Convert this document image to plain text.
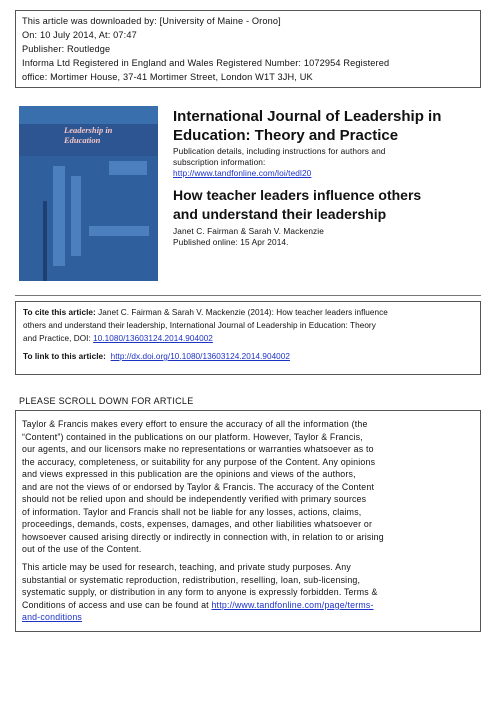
This article was downloaded by: [University of Maine - Orono]
On: 10 July 2014, At: 07:47
Publisher: Routledge
Informa Ltd Registered in England and Wales Registered Number: 1072954 Registered
office: Mortimer House, 37-41 Mortimer Street, London W1T 3JH, UK
Leadership in
Education
International Journal of Leadership in
Education: Theory and Practice
Publication details, including instructions for authors and
subscription information:
http://www.tandfonline.com/loi/tedl20
How teacher leaders influence others
and understand their leadership
Janet C. Fairman & Sarah V. Mackenzie
Published online: 15 Apr 2014.
To cite this article: Janet C. Fairman & Sarah V. Mackenzie (2014): How teacher leaders influence
others and understand their leadership, International Journal of Leadership in Education: Theory
and Practice, DOI: 10.1080/13603124.2014.904002
To link to this article: http://dx.doi.org/10.1080/13603124.2014.904002
PLEASE SCROLL DOWN FOR ARTICLE
Taylor & Francis makes every effort to ensure the accuracy of all the information (the
“Content”) contained in the publications on our platform. However, Taylor & Francis,
our agents, and our licensors make no representations or warranties whatsoever as to
the accuracy, completeness, or suitability for any purpose of the Content. Any opinions
and views expressed in this publication are the opinions and views of the authors,
and are not the views of or endorsed by Taylor & Francis. The accuracy of the Content
should not be relied upon and should be independently verified with primary sources
of information. Taylor and Francis shall not be liable for any losses, actions, claims,
proceedings, demands, costs, expenses, damages, and other liabilities whatsoever or
howsoever caused arising directly or indirectly in connection with, in relation to or arising
out of the use of the Content.
This article may be used for research, teaching, and private study purposes. Any
substantial or systematic reproduction, redistribution, reselling, loan, sub-licensing,
systematic supply, or distribution in any form to anyone is expressly forbidden. Terms &
Conditions of access and use can be found at http://www.tandfonline.com/page/terms-
and-conditions
